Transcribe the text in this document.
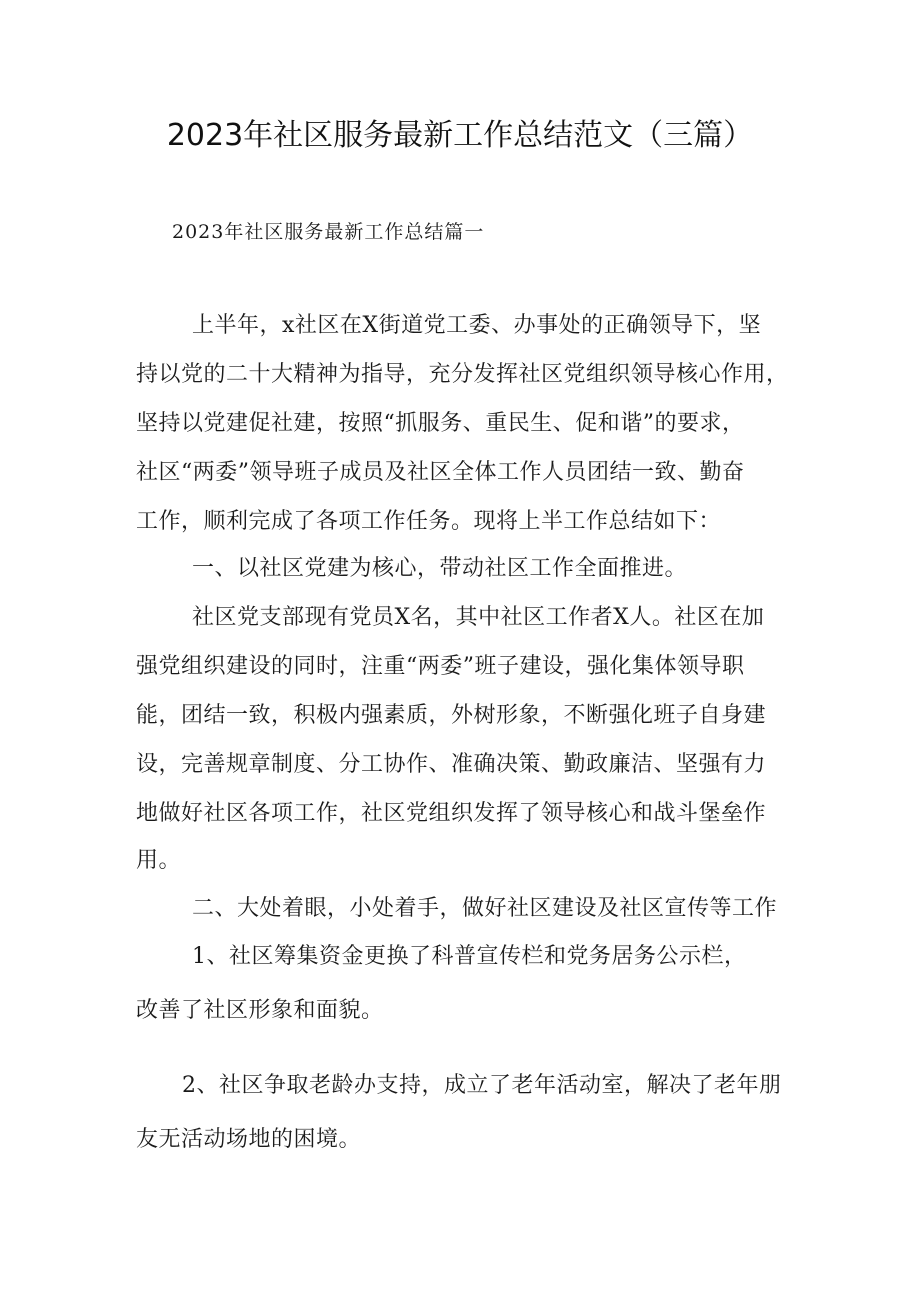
2023年社区服务最新工作总结范文（三篇）

2023年社区服务最新工作总结篇一

上半年，x社区在X街道党工委、办事处的正确领导下，坚

持以党的二十大精神为指导，充分发挥社区党组织领导核心作用，

坚持以党建促社建，按照“抓服务、重民生、促和谐”的要求，

社区“两委”领导班子成员及社区全体工作人员团结一致、勤奋

工作，顺利完成了各项工作任务。现将上半工作总结如下：

一、以社区党建为核心，带动社区工作全面推进。

社区党支部现有党员X名，其中社区工作者X人。社区在加

强党组织建设的同时，注重“两委”班子建设，强化集体领导职

能，团结一致，积极内强素质，外树形象，不断强化班子自身建

设，完善规章制度、分工协作、准确决策、勤政廉洁、坚强有力

地做好社区各项工作，社区党组织发挥了领导核心和战斗堡垒作

用。

二、大处着眼，小处着手，做好社区建设及社区宣传等工作

1、社区筹集资金更换了科普宣传栏和党务居务公示栏，

改善了社区形象和面貌。

2、社区争取老龄办支持，成立了老年活动室，解决了老年朋

友无活动场地的困境。
